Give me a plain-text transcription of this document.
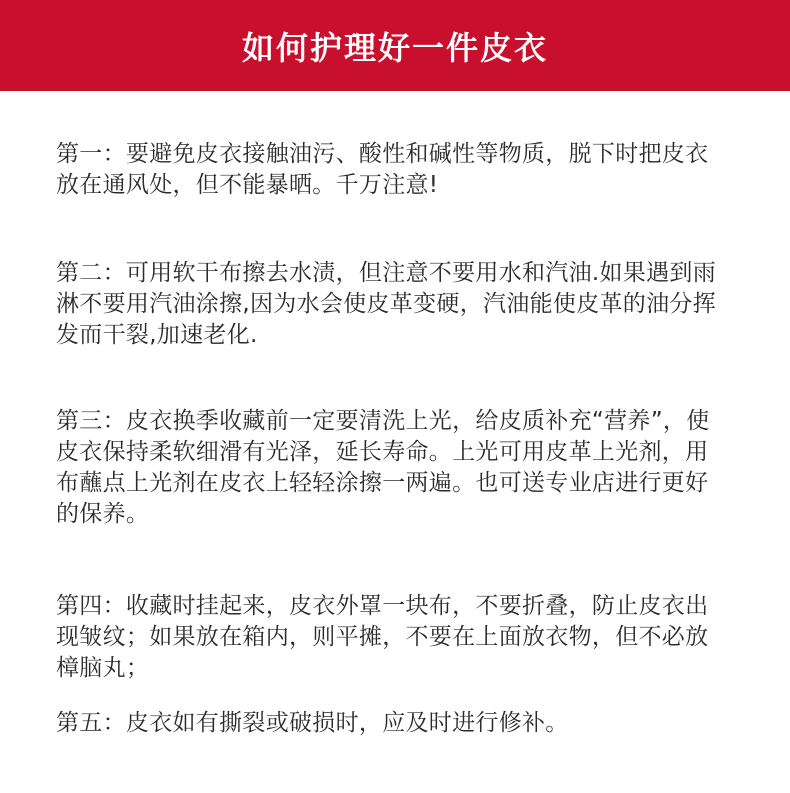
如何护理好一件皮衣

第一：要避免皮衣接触油污、酸性和碱性等物质，脱下时把皮衣
放在通风处，但不能暴晒。千万注意!

第二：可用软干布擦去水渍，但注意不要用水和汽油.如果遇到雨
淋不要用汽油涂擦,因为水会使皮革变硬，汽油能使皮革的油分挥
发而干裂,加速老化.

第三：皮衣换季收藏前一定要清洗上光，给皮质补充“营养”，使
皮衣保持柔软细滑有光泽，延长寿命。上光可用皮革上光剂，用
布蘸点上光剂在皮衣上轻轻涂擦一两遍。也可送专业店进行更好
的保养。

第四：收藏时挂起来，皮衣外罩一块布，不要折叠，防止皮衣出
现皱纹；如果放在箱内，则平摊，不要在上面放衣物，但不必放
樟脑丸；

第五：皮衣如有撕裂或破损时，应及时进行修补。
